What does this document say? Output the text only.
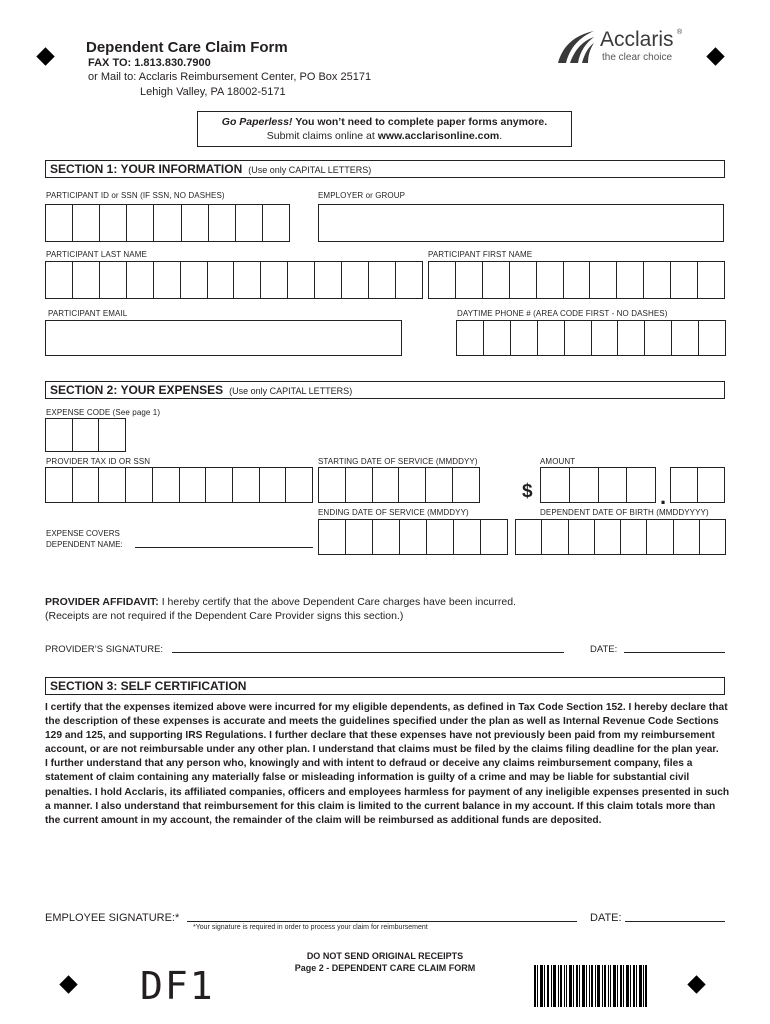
Dependent Care Claim Form
FAX TO: 1.813.830.7900
or Mail to: Acclaris Reimbursement Center, PO Box 25171
Lehigh Valley, PA 18002-5171
Acclaris ®
the clear choice
Go Paperless! You won’t need to complete paper forms anymore.
Submit claims online at www.acclarisonline.com.
SECTION 1: YOUR INFORMATION (Use only CAPITAL LETTERS)
PARTICIPANT ID or SSN (IF SSN, NO DASHES)	EMPLOYER or GROUP
PARTICIPANT LAST NAME	PARTICIPANT FIRST NAME
PARTICIPANT EMAIL	DAYTIME PHONE # (AREA CODE FIRST - NO DASHES)
SECTION 2: YOUR EXPENSES (Use only CAPITAL LETTERS)
EXPENSE CODE (See page 1)
PROVIDER TAX ID OR SSN	STARTING DATE OF SERVICE (MMDDYY)	AMOUNT
$	.
ENDING DATE OF SERVICE (MMDDYY)	DEPENDENT DATE OF BIRTH (MMDDYYYY)
EXPENSE COVERS
DEPENDENT NAME:
PROVIDER AFFIDAVIT: I hereby certify that the above Dependent Care charges have been incurred.
(Receipts are not required if the Dependent Care Provider signs this section.)
PROVIDER’S SIGNATURE:	DATE:
SECTION 3: SELF CERTIFICATION

I certify that the expenses itemized above were incurred for my eligible dependents, as defined in Tax Code Section 152. I hereby declare that the description of these expenses is accurate and meets the guidelines specified under the plan as well as Internal Revenue Code Sections 129 and 125, and supporting IRS Regulations. I further declare that these expenses have not previously been paid from my reimbursement account, or are not reimbursable under any other plan. I understand that claims must be filed by the claims filing deadline for the plan year.

I further understand that any person who, knowingly and with intent to defraud or deceive any claims reimbursement company, files a statement of claim containing any materially false or misleading information is guilty of a crime and may be liable for substantial civil penalties. I hold Acclaris, its affiliated companies, officers and employees harmless for payment of any ineligible expenses presented in such a manner. I also understand that reimbursement for this claim is limited to the current balance in my account. If this claim totals more than the current amount in my account, the remainder of the claim will be reimbursed as additional funds are deposited.

EMPLOYEE SIGNATURE:*
*Your signature is required in order to process your claim for reimbursement
DATE:
DO NOT SEND ORIGINAL RECEIPTS
Page 2 - DEPENDENT CARE CLAIM FORM
DF1
